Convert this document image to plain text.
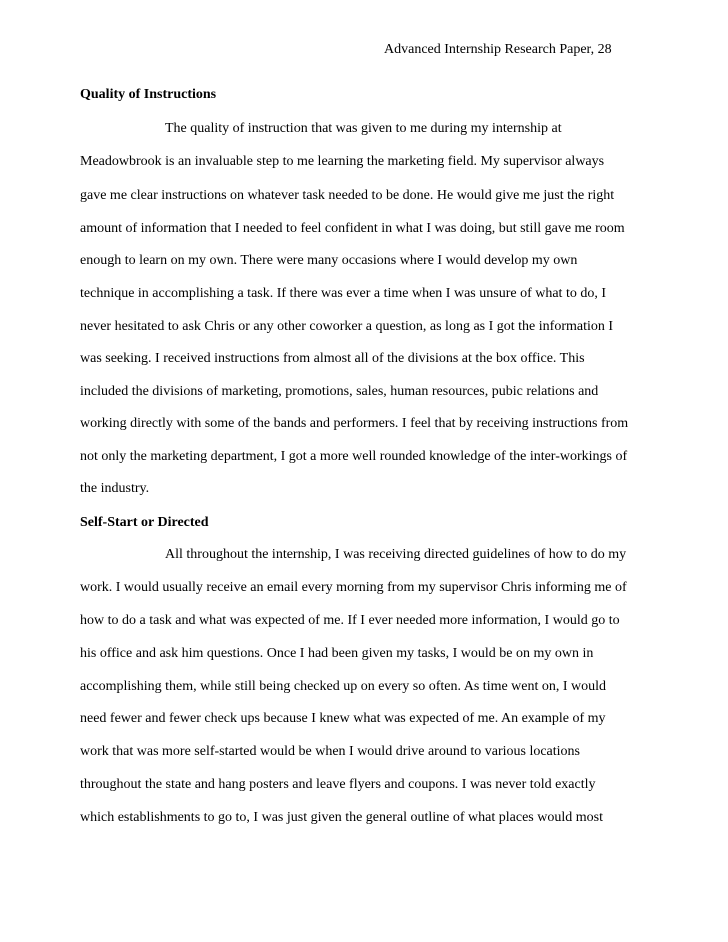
Advanced Internship Research Paper, 28
Quality of Instructions
The quality of instruction that was given to me during my internship at
Meadowbrook is an invaluable step to me learning the marketing field. My supervisor always
gave me clear instructions on whatever task needed to be done. He would give me just the right
amount of information that I needed to feel confident in what I was doing, but still gave me room
enough to learn on my own. There were many occasions where I would develop my own
technique in accomplishing a task. If there was ever a time when I was unsure of what to do, I
never hesitated to ask Chris or any other coworker a question, as long as I got the information I
was seeking. I received instructions from almost all of the divisions at the box office. This
included the divisions of marketing, promotions, sales, human resources, pubic relations and
working directly with some of the bands and performers. I feel that by receiving instructions from
not only the marketing department, I got a more well rounded knowledge of the inter-workings of
the industry.
Self-Start or Directed
All throughout the internship, I was receiving directed guidelines of how to do my
work. I would usually receive an email every morning from my supervisor Chris informing me of
how to do a task and what was expected of me. If I ever needed more information, I would go to
his office and ask him questions. Once I had been given my tasks, I would be on my own in
accomplishing them, while still being checked up on every so often. As time went on, I would
need fewer and fewer check ups because I knew what was expected of me. An example of my
work that was more self-started would be when I would drive around to various locations
throughout the state and hang posters and leave flyers and coupons. I was never told exactly
which establishments to go to, I was just given the general outline of what places would most
